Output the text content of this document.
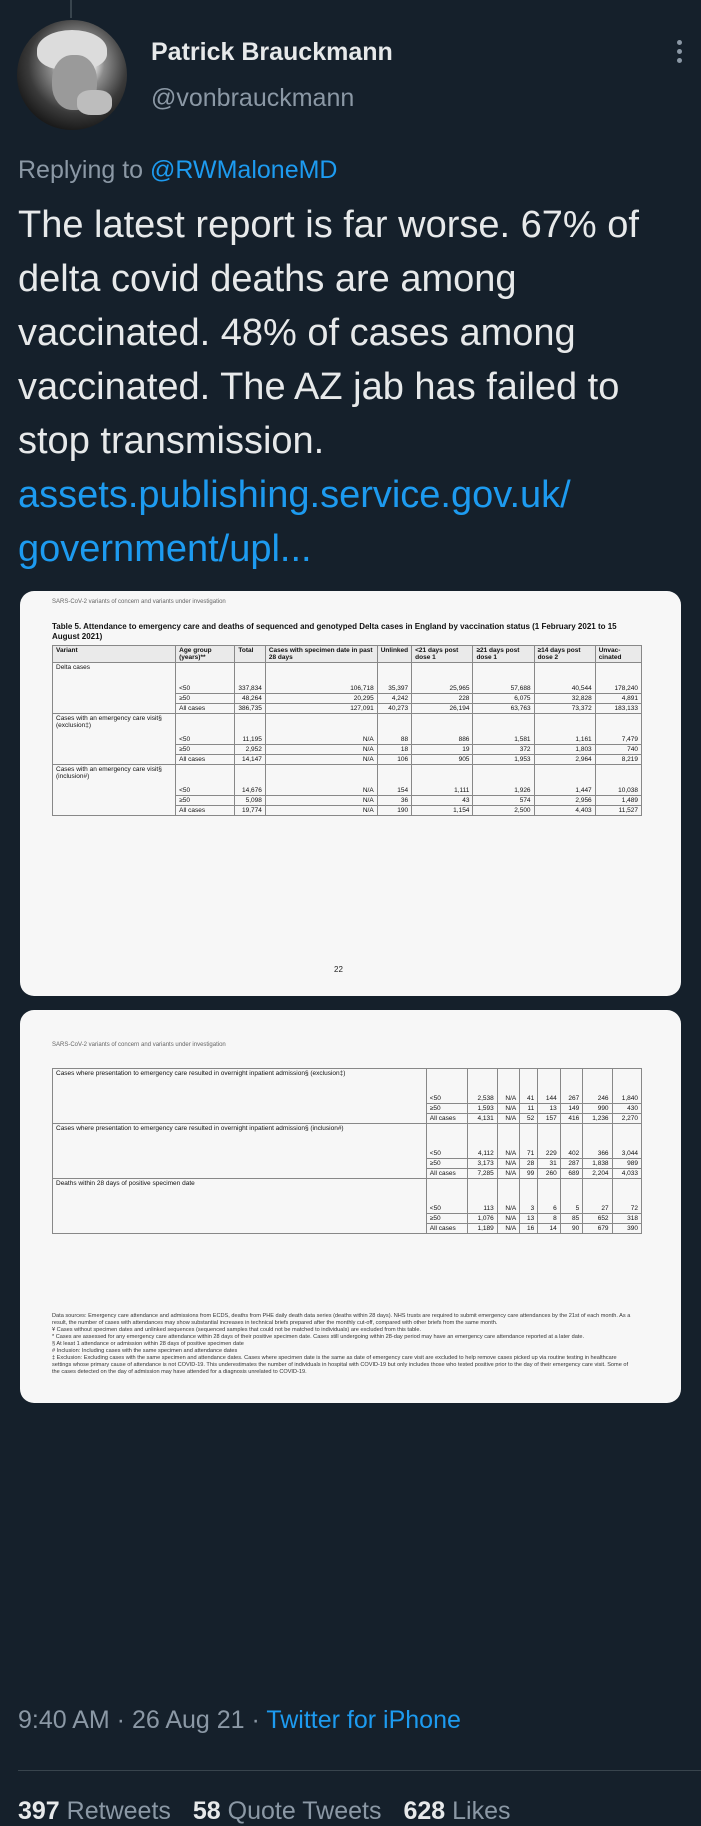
Patrick Brauckmann
@vonbrauckmann
Replying to @RWMaloneMD
The latest report is far worse. 67% of delta covid deaths are among vaccinated. 48% of cases among vaccinated. The AZ jab has failed to stop transmission.
assets.publishing.service.gov.uk/
government/upl...
SARS-CoV-2 variants of concern and variants under investigation
Table 5. Attendance to emergency care and deaths of sequenced and genotyped Delta cases in England by vaccination status (1 February 2021 to 15 August 2021)
Variant	Age group (years)**	Total	Cases with specimen date in past 28 days	Unlinked	<21 days post dose 1	≥21 days post dose 1	≥14 days post dose 2	Unvac-cinated
Delta cases	<50	337,834	106,718	35,397	25,965	57,688	40,544	178,240
	≥50	48,264	20,295	4,242	228	6,075	32,828	4,891
	All cases	386,735	127,091	40,273	26,194	63,763	73,372	183,133
Cases with an emergency care visit§ (exclusion‡)	<50	11,195	N/A	88	886	1,581	1,161	7,479
	≥50	2,952	N/A	18	19	372	1,803	740
	All cases	14,147	N/A	106	905	1,953	2,964	8,219
Cases with an emergency care visit§ (inclusion#)	<50	14,676	N/A	154	1,111	1,926	1,447	10,038
	≥50	5,098	N/A	36	43	574	2,956	1,489
	All cases	19,774	N/A	190	1,154	2,500	4,403	11,527
22
SARS-CoV-2 variants of concern and variants under investigation
Cases where presentation to emergency care resulted in overnight inpatient admission§ (exclusion‡)	<50	2,538	N/A	41	144	267	246	1,840
	≥50	1,593	N/A	11	13	149	990	430
	All cases	4,131	N/A	52	157	416	1,236	2,270
Cases where presentation to emergency care resulted in overnight inpatient admission§ (inclusion#)	<50	4,112	N/A	71	229	402	366	3,044
	≥50	3,173	N/A	28	31	287	1,838	989
	All cases	7,285	N/A	99	260	689	2,204	4,033
Deaths within 28 days of positive specimen date	<50	113	N/A	3	6	5	27	72
	≥50	1,076	N/A	13	8	85	652	318
	All cases	1,189	N/A	16	14	90	679	390
Data sources: Emergency care attendance and admissions from ECDS, deaths from PHE daily death data series (deaths within 28 days). NHS trusts are required to submit emergency care attendances by the 21st of each month. As a result, the number of cases with attendances may show substantial increases in technical briefs prepared after the monthly cut-off, compared with other briefs from the same month.
¥ Cases without specimen dates and unlinked sequences (sequenced samples that could not be matched to individuals) are excluded from this table.
* Cases are assessed for any emergency care attendance within 28 days of their positive specimen date. Cases still undergoing within 28-day period may have an emergency care attendance reported at a later date.
§ At least 1 attendance or admission within 28 days of positive specimen date
# Inclusion: Including cases with the same specimen and attendance dates
‡ Exclusion: Excluding cases with the same specimen and attendance dates. Cases where specimen date is the same as date of emergency care visit are excluded to help remove cases picked up via routine testing in healthcare settings whose primary cause of attendance is not COVID-19. This underestimates the number of individuals in hospital with COVID-19 but only includes those who tested positive prior to the day of their emergency care visit. Some of the cases detected on the day of admission may have attended for a diagnosis unrelated to COVID-19.
9:40 AM · 26 Aug 21 · Twitter for iPhone
397 Retweets 58 Quote Tweets 628 Likes
